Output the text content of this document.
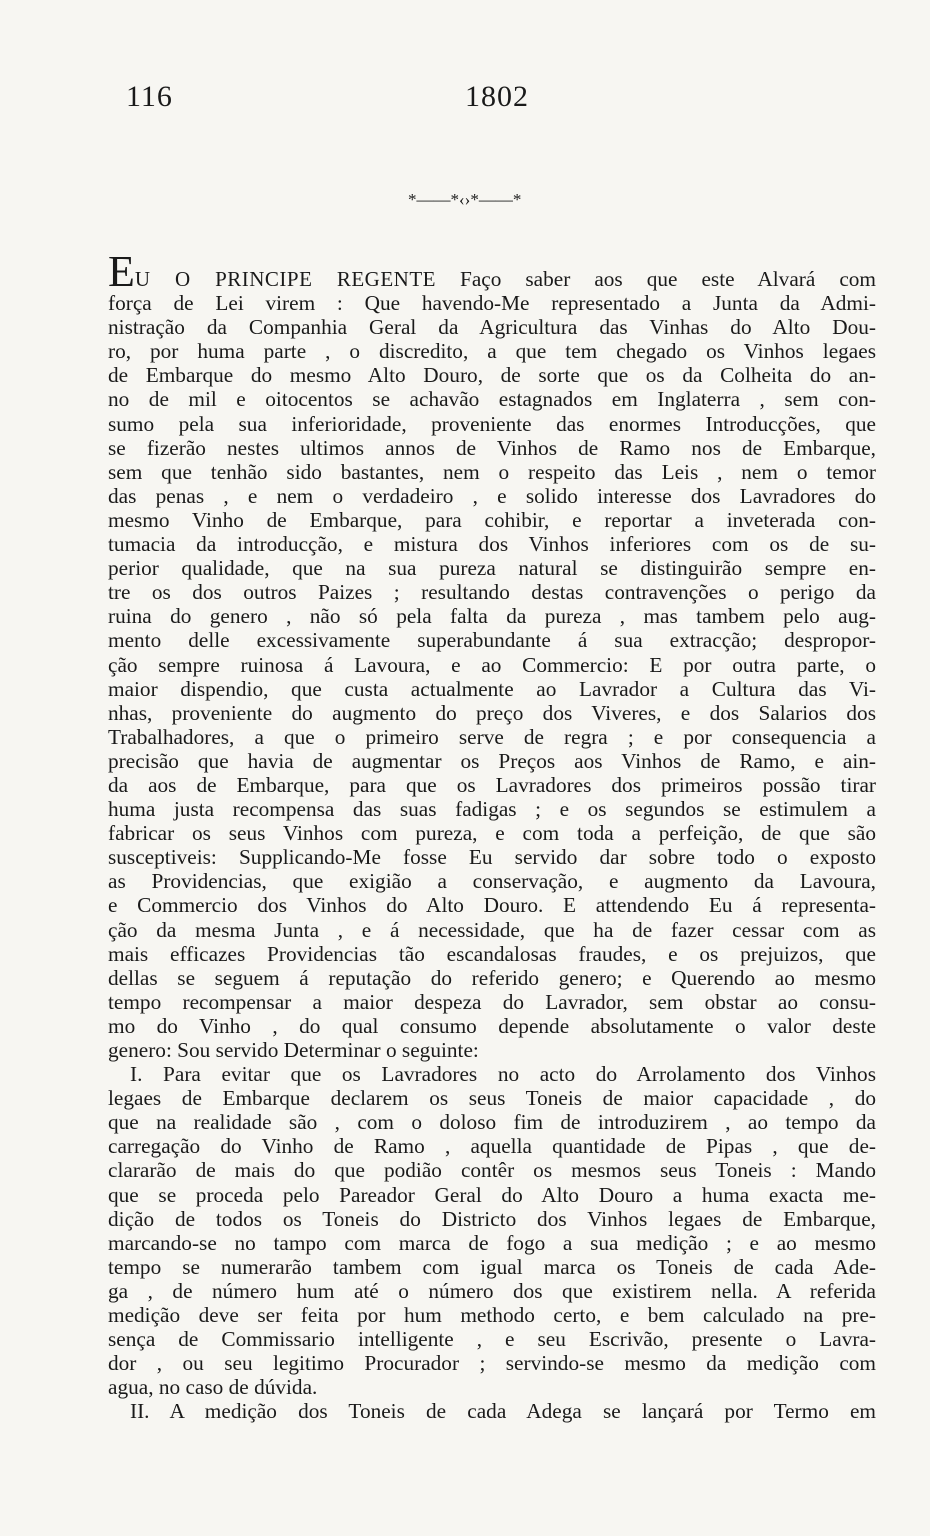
116	1802
*——*‹›*——*
EU O PRINCIPE REGENTE Faço saber aos que este Alvará com
força de Lei virem : Que havendo-Me representado a Junta da Admi-
nistração da Companhia Geral da Agricultura das Vinhas do Alto Dou-
ro, por huma parte , o discredito, a que tem chegado os Vinhos legaes
de Embarque do mesmo Alto Douro, de sorte que os da Colheita do an-
no de mil e oitocentos se achavão estagnados em Inglaterra , sem con-
sumo pela sua inferioridade, proveniente das enormes Introducções, que
se fizerão nestes ultimos annos de Vinhos de Ramo nos de Embarque,
sem que tenhão sido bastantes, nem o respeito das Leis , nem o temor
das penas , e nem o verdadeiro , e solido interesse dos Lavradores do
mesmo Vinho de Embarque, para cohibir, e reportar a inveterada con-
tumacia da introducção, e mistura dos Vinhos inferiores com os de su-
perior qualidade, que na sua pureza natural se distinguirão sempre en-
tre os dos outros Paizes ; resultando destas contravenções o perigo da
ruina do genero , não só pela falta da pureza , mas tambem pelo aug-
mento delle excessivamente superabundante á sua extracção; despropor-
ção sempre ruinosa á Lavoura, e ao Commercio: E por outra parte, o
maior dispendio, que custa actualmente ao Lavrador a Cultura das Vi-
nhas, proveniente do augmento do preço dos Viveres, e dos Salarios dos
Trabalhadores, a que o primeiro serve de regra ; e por consequencia a
precisão que havia de augmentar os Preços aos Vinhos de Ramo, e ain-
da aos de Embarque, para que os Lavradores dos primeiros possão tirar
huma justa recompensa das suas fadigas ; e os segundos se estimulem a
fabricar os seus Vinhos com pureza, e com toda a perfeição, de que são
susceptiveis: Supplicando-Me fosse Eu servido dar sobre todo o exposto
as Providencias, que exigião a conservação, e augmento da Lavoura,
e Commercio dos Vinhos do Alto Douro. E attendendo Eu á representa-
ção da mesma Junta , e á necessidade, que ha de fazer cessar com as
mais efficazes Providencias tão escandalosas fraudes, e os prejuizos, que
dellas se seguem á reputação do referido genero; e Querendo ao mesmo
tempo recompensar a maior despeza do Lavrador, sem obstar ao consu-
mo do Vinho , do qual consumo depende absolutamente o valor deste
genero: Sou servido Determinar o seguinte:
I. Para evitar que os Lavradores no acto do Arrolamento dos Vinhos
legaes de Embarque declarem os seus Toneis de maior capacidade , do
que na realidade são , com o doloso fim de introduzirem , ao tempo da
carregação do Vinho de Ramo , aquella quantidade de Pipas , que de-
clararão de mais do que podião contêr os mesmos seus Toneis : Mando
que se proceda pelo Pareador Geral do Alto Douro a huma exacta me-
dição de todos os Toneis do Districto dos Vinhos legaes de Embarque,
marcando-se no tampo com marca de fogo a sua medição ; e ao mesmo
tempo se numerarão tambem com igual marca os Toneis de cada Ade-
ga , de número hum até o número dos que existirem nella. A referida
medição deve ser feita por hum methodo certo, e bem calculado na pre-
sença de Commissario intelligente , e seu Escrivão, presente o Lavra-
dor , ou seu legitimo Procurador ; servindo-se mesmo da medição com
agua, no caso de dúvida.
II. A medição dos Toneis de cada Adega se lançará por Termo em
